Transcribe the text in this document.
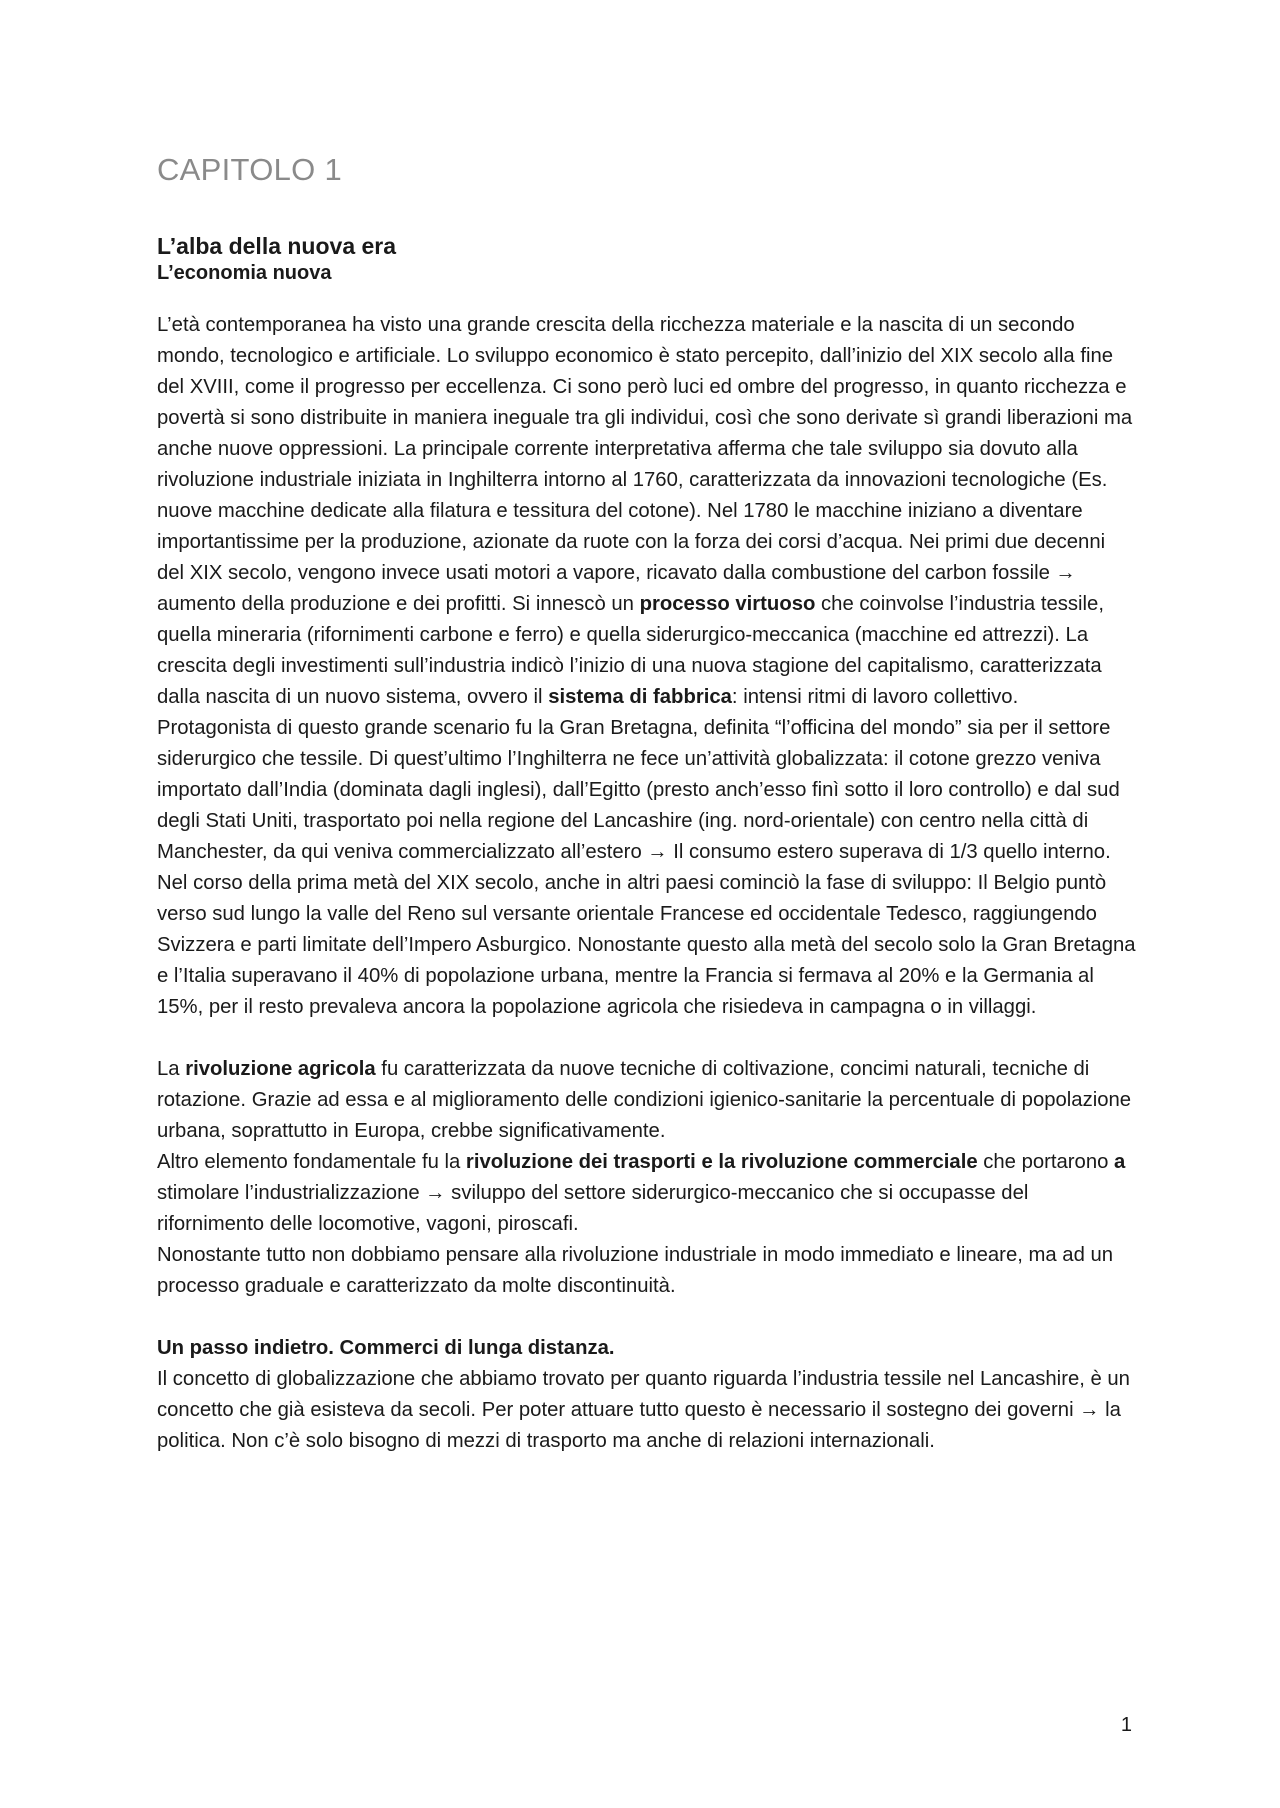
CAPITOLO 1
L’alba della nuova era
L’economia nuova

L’età contemporanea ha visto una grande crescita della ricchezza materiale e la nascita di un secondo mondo, tecnologico e artificiale. Lo sviluppo economico è stato percepito, dall’inizio del XIX secolo alla fine del XVIII, come il progresso per eccellenza. Ci sono però luci ed ombre del progresso, in quanto ricchezza e povertà si sono distribuite in maniera ineguale tra gli individui, così che sono derivate sì grandi liberazioni ma anche nuove oppressioni. La principale corrente interpretativa afferma che tale sviluppo sia dovuto alla rivoluzione industriale iniziata in Inghilterra intorno al 1760, caratterizzata da innovazioni tecnologiche (Es. nuove macchine dedicate alla filatura e tessitura del cotone). Nel 1780 le macchine iniziano a diventare importantissime per la produzione, azionate da ruote con la forza dei corsi d’acqua. Nei primi due decenni del XIX secolo, vengono invece usati motori a vapore, ricavato dalla combustione del carbon fossile → aumento della produzione e dei profitti. Si innescò un processo virtuoso che coinvolse l’industria tessile, quella mineraria (rifornimenti carbone e ferro) e quella siderurgico-meccanica (macchine ed attrezzi). La crescita degli investimenti sull’industria indicò l’inizio di una nuova stagione del capitalismo, caratterizzata dalla nascita di un nuovo sistema, ovvero il sistema di fabbrica: intensi ritmi di lavoro collettivo. Protagonista di questo grande scenario fu la Gran Bretagna, definita “l’officina del mondo” sia per il settore siderurgico che tessile. Di quest’ultimo l’Inghilterra ne fece un’attività globalizzata: il cotone grezzo veniva importato dall’India (dominata dagli inglesi), dall’Egitto (presto anch’esso finì sotto il loro controllo) e dal sud degli Stati Uniti, trasportato poi nella regione del Lancashire (ing. nord-orientale) con centro nella città di Manchester, da qui veniva commercializzato all’estero → Il consumo estero superava di 1/3 quello interno.

Nel corso della prima metà del XIX secolo, anche in altri paesi cominciò la fase di sviluppo: Il Belgio puntò verso sud lungo la valle del Reno sul versante orientale Francese ed occidentale Tedesco, raggiungendo Svizzera e parti limitate dell’Impero Asburgico. Nonostante questo alla metà del secolo solo la Gran Bretagna e l’Italia superavano il 40% di popolazione urbana, mentre la Francia si fermava al 20% e la Germania al 15%, per il resto prevaleva ancora la popolazione agricola che risiedeva in campagna o in villaggi.

La rivoluzione agricola fu caratterizzata da nuove tecniche di coltivazione, concimi naturali, tecniche di rotazione. Grazie ad essa e al miglioramento delle condizioni igienico-sanitarie la percentuale di popolazione urbana, soprattutto in Europa, crebbe significativamente.

Altro elemento fondamentale fu la rivoluzione dei trasporti e la rivoluzione commerciale che portarono a stimolare l’industrializzazione → sviluppo del settore siderurgico-meccanico che si occupasse del rifornimento delle locomotive, vagoni, piroscafi.

Nonostante tutto non dobbiamo pensare alla rivoluzione industriale in modo immediato e lineare, ma ad un processo graduale e caratterizzato da molte discontinuità.

Un passo indietro. Commerci di lunga distanza.

Il concetto di globalizzazione che abbiamo trovato per quanto riguarda l’industria tessile nel Lancashire, è un concetto che già esisteva da secoli. Per poter attuare tutto questo è necessario il sostegno dei governi → la politica. Non c’è solo bisogno di mezzi di trasporto ma anche di relazioni internazionali.

1
